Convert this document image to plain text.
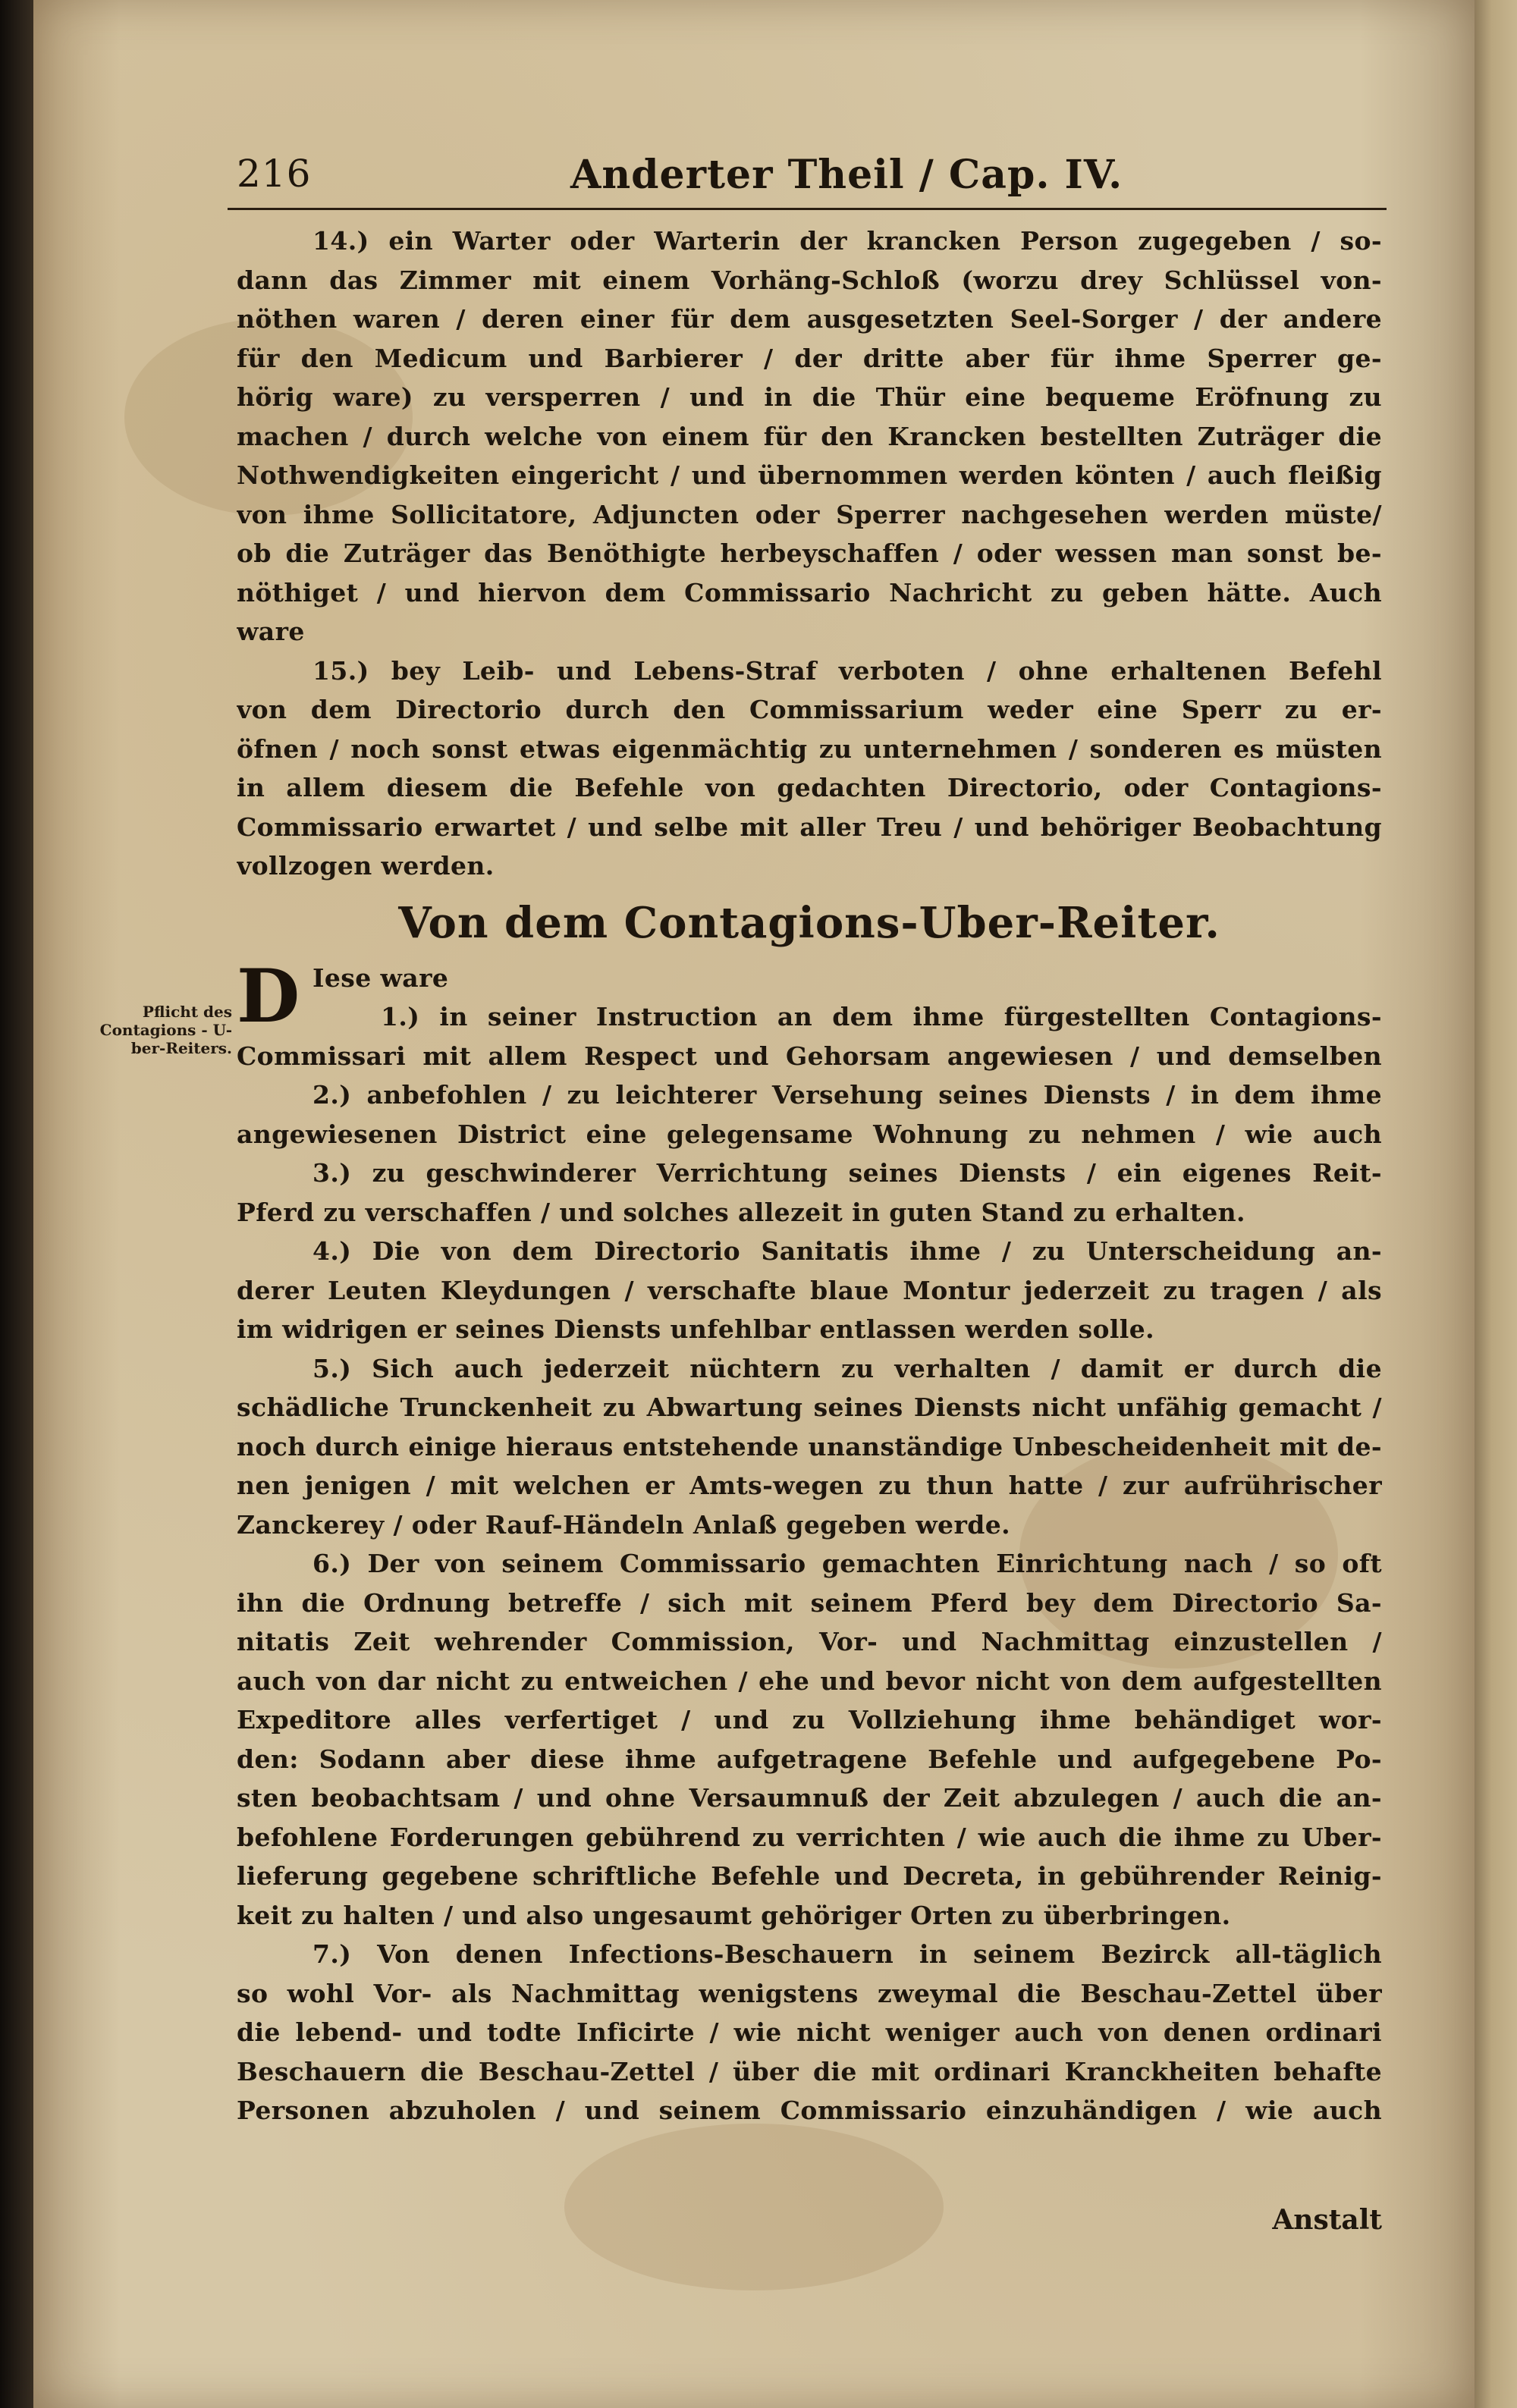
216	Anderter Theil / Cap. IV.
Pflicht des
Contagions - U-
ber-Reiters.
14.) ein Warter oder Warterin der krancken Person zugegeben / so-
dann das Zimmer mit einem Vorhäng-Schloß (worzu drey Schlüssel von-
nöthen waren / deren einer für dem ausgesetzten Seel-Sorger / der andere
für den Medicum und Barbierer / der dritte aber für ihme Sperrer ge-
hörig ware) zu versperren / und in die Thür eine bequeme Eröfnung zu
machen / durch welche von einem für den Krancken bestellten Zuträger die
Nothwendigkeiten eingericht / und übernommen werden könten / auch fleißig
von ihme Sollicitatore, Adjuncten oder Sperrer nachgesehen werden müste/
ob die Zuträger das Benöthigte herbeyschaffen / oder wessen man sonst be-
nöthiget / und hiervon dem Commissario Nachricht zu geben hätte. Auch
ware
15.) bey Leib- und Lebens-Straf verboten / ohne erhaltenen Befehl
von dem Directorio durch den Commissarium weder eine Sperr zu er-
öfnen / noch sonst etwas eigenmächtig zu unternehmen / sonderen es müsten
in allem diesem die Befehle von gedachten Directorio, oder Contagions-
Commissario erwartet / und selbe mit aller Treu / und behöriger Beobachtung
vollzogen werden.
Von dem Contagions-Uber-Reiter.
D Iese ware
1.) in seiner Instruction an dem ihme fürgestellten Contagions-
Commissari mit allem Respect und Gehorsam angewiesen / und demselben
2.) anbefohlen / zu leichterer Versehung seines Diensts / in dem ihme
angewiesenen District eine gelegensame Wohnung zu nehmen / wie auch
3.) zu geschwinderer Verrichtung seines Diensts / ein eigenes Reit-
Pferd zu verschaffen / und solches allezeit in guten Stand zu erhalten.
4.) Die von dem Directorio Sanitatis ihme / zu Unterscheidung an-
derer Leuten Kleydungen / verschafte blaue Montur jederzeit zu tragen / als
im widrigen er seines Diensts unfehlbar entlassen werden solle.
5.) Sich auch jederzeit nüchtern zu verhalten / damit er durch die
schädliche Trunckenheit zu Abwartung seines Diensts nicht unfähig gemacht /
noch durch einige hieraus entstehende unanständige Unbescheidenheit mit de-
nen jenigen / mit welchen er Amts-wegen zu thun hatte / zur aufrührischer
Zanckerey / oder Rauf-Händeln Anlaß gegeben werde.
6.) Der von seinem Commissario gemachten Einrichtung nach / so oft
ihn die Ordnung betreffe / sich mit seinem Pferd bey dem Directorio Sa-
nitatis Zeit wehrender Commission, Vor- und Nachmittag einzustellen /
auch von dar nicht zu entweichen / ehe und bevor nicht von dem aufgestellten
Expeditore alles verfertiget / und zu Vollziehung ihme behändiget wor-
den: Sodann aber diese ihme aufgetragene Befehle und aufgegebene Po-
sten beobachtsam / und ohne Versaumnuß der Zeit abzulegen / auch die an-
befohlene Forderungen gebührend zu verrichten / wie auch die ihme zu Uber-
lieferung gegebene schriftliche Befehle und Decreta, in gebührender Reinig-
keit zu halten / und also ungesaumt gehöriger Orten zu überbringen.
7.) Von denen Infections-Beschauern in seinem Bezirck all-täglich
so wohl Vor- als Nachmittag wenigstens zweymal die Beschau-Zettel über
die lebend- und todte Inficirte / wie nicht weniger auch von denen ordinari
Beschauern die Beschau-Zettel / über die mit ordinari Kranckheiten behafte
Personen abzuholen / und seinem Commissario einzuhändigen / wie auch
Anstalt
